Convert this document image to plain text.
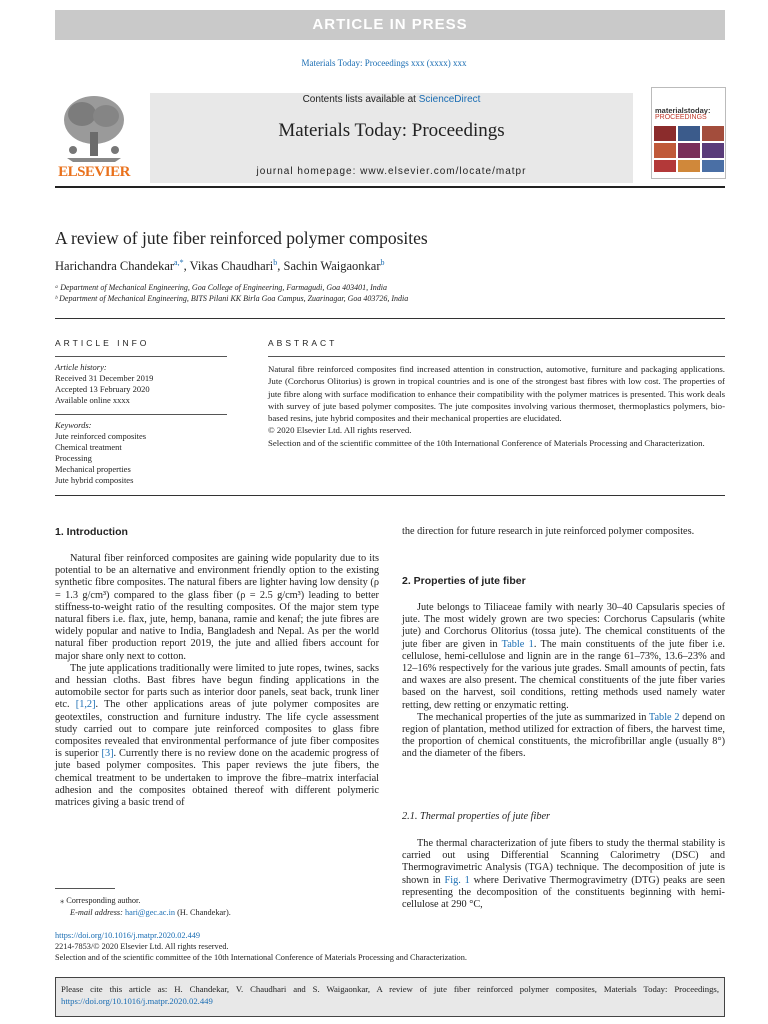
ARTICLE IN PRESS
Materials Today: Proceedings xxx (xxxx) xxx
ELSEVIER
Contents lists available at ScienceDirect
Materials Today: Proceedings
journal homepage: www.elsevier.com/locate/matpr
materialstoday:
PROCEEDINGS
A review of jute fiber reinforced polymer composites
Harichandra Chandekar$^{a,*}$, Vikas Chaudhari$^b$, Sachin Waigaonkar$^b$
ᵃ Department of Mechanical Engineering, Goa College of Engineering, Farmagudi, Goa 403401, India
ᵇ Department of Mechanical Engineering, BITS Pilani KK Birla Goa Campus, Zuarinagar, Goa 403726, India
ARTICLE INFO
Article history:
Received 31 December 2019
Accepted 13 February 2020
Available online xxxx
Keywords:
Jute reinforced composites
Chemical treatment
Processing
Mechanical properties
Jute hybrid composites
ABSTRACT
Natural fibre reinforced composites find increased attention in construction, automotive, furniture and packaging applications. Jute (Corchorus Olitorius) is grown in tropical countries and is one of the strongest bast fibres with low cost. The properties of jute fibre along with surface modification to enhance their compatibility with the polymer matrices is presented. This work deals with survey of jute based polymer composites. The jute composites involving various thermoset, thermoplastics polymers, bio-based resins, jute hybrid composites and their mechanical properties are elucidated.
© 2020 Elsevier Ltd. All rights reserved.
Selection and of the scientific committee of the 10th International Conference of Materials Processing and Characterization.
1. Introduction

Natural fiber reinforced composites are gaining wide popularity due to its potential to be an alternative and environment friendly option to the existing synthetic fibre composites. The natural fibers are lighter having low density (ρ = 1.3 g/cm³) compared to the glass fiber (ρ = 2.5 g/cm³) leading to better stiffness-to-weight ratio of the resulting composites. Of the major stem type natural fibers i.e. flax, jute, hemp, banana, ramie and kenaf; the jute fibres are widely popular and native to India, Bangladesh and Nepal. As per the world natural fiber production report 2019, the jute and allied fibers account for major share only next to cotton.

The jute applications traditionally were limited to jute ropes, twines, sacks and hessian cloths. Bast fibres have begun finding applications in the automobile sector for parts such as interior door panels, seat back, trunk liner etc. [1,2]. The other applications areas of jute polymer composites are geotextiles, construction and furniture industry. The life cycle assessment study carried out to compare jute reinforced composites to glass fibre composites revealed that environmental performance of jute fiber composites is superior [3]. Currently there is no review done on the academic progress of jute based polymer composites. This paper reviews the jute fibers, the chemical treatment to be undertaken to improve the fibre–matrix interfacial adhesion and the composites obtained thereof with different polymeric matrices giving a basic trend of

the direction for future research in jute reinforced polymer composites.
2. Properties of jute fiber

Jute belongs to Tiliaceae family with nearly 30–40 Capsularis species of jute. The most widely grown are two species: Corchorus Capsularis (white jute) and Corchorus Olitorius (tossa jute). The chemical constituents of the jute fiber are given in Table 1. The main constituents of the jute fiber i.e. cellulose, hemi-cellulose and lignin are in the range 61–73%, 13.6–23% and 12–16% respectively for the various jute grades. Small amounts of pectin, fats and waxes are also present. The chemical constituents of the jute fiber varies based on the harvest, soil conditions, retting methods used namely water retting, dew retting or enzymatic retting.

The mechanical properties of the jute as summarized in Table 2 depend on region of plantation, method utilized for extraction of fibers, the harvest time, the proportion of chemical constituents, the microfibrillar angle (usually 8°) and the diameter of the fibers.

2.1. Thermal properties of jute fiber

The thermal characterization of jute fibers to study the thermal stability is carried out using Differential Scanning Calorimetry (DSC) and Thermogravimetric Analysis (TGA) technique. The decomposition of jute is shown in Fig. 1 where Derivative Thermogravimetry (DTG) peaks are seen representing the decomposition of the constituents beginning with hemi-cellulose at 290 °C,

⁎ Corresponding author.
E-mail address: hari@gec.ac.in (H. Chandekar).
https://doi.org/10.1016/j.matpr.2020.02.449
2214-7853/© 2020 Elsevier Ltd. All rights reserved.
Selection and of the scientific committee of the 10th International Conference of Materials Processing and Characterization.
Please cite this article as: H. Chandekar, V. Chaudhari and S. Waigaonkar, A review of jute fiber reinforced polymer composites, Materials Today: Proceedings, https://doi.org/10.1016/j.matpr.2020.02.449
